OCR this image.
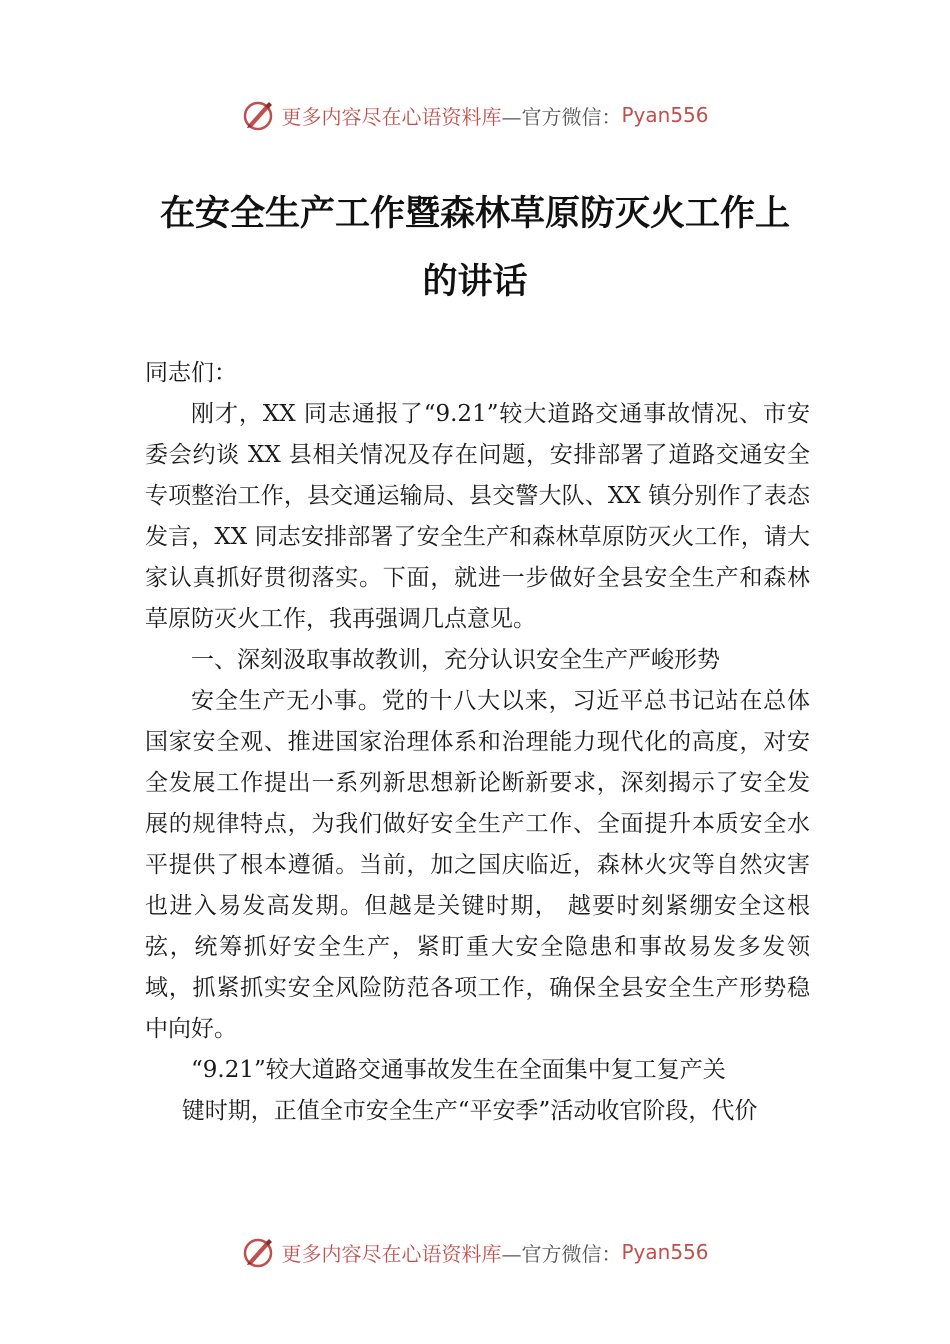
更多内容尽在心语资料库 —官方微信： Pyan556
在安全生产工作暨森林草原防灭火工作上
的讲话

同志们：

刚才，XX 同志通报了“9.21”较大道路交通事故情况、市安委会约谈 XX 县相关情况及存在问题，安排部署了道路交通安全专项整治工作，县交通运输局、县交警大队、XX 镇分别作了表态发言，XX 同志安排部署了安全生产和森林草原防灭火工作，请大家认真抓好贯彻落实。下面，就进一步做好全县安全生产和森林草原防灭火工作，我再强调几点意见。

一、深刻汲取事故教训，充分认识安全生产严峻形势

安全生产无小事。党的十八大以来，习近平总书记站在总体国家安全观、推进国家治理体系和治理能力现代化的高度，对安全发展工作提出一系列新思想新论断新要求，深刻揭示了安全发展的规律特点，为我们做好安全生产工作、全面提升本质安全水平提供了根本遵循。当前，加之国庆临近，森林火灾等自然灾害也进入易发高发期。但越是关键时期， 越要时刻紧绷安全这根弦，统筹抓好安全生产，紧盯重大安全隐患和事故易发多发领域，抓紧抓实安全风险防范各项工作，确保全县安全生产形势稳中向好。

“9.21”较大道路交通事故发生在全面集中复工复产关

键时期，正值全市安全生产“平安季”活动收官阶段，代价

更多内容尽在心语资料库 —官方微信： Pyan556
